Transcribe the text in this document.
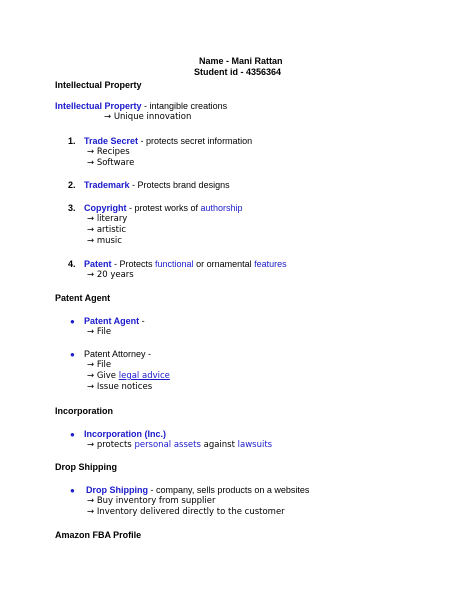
Name - Mani Rattan
Student id - 4356364
Intellectual Property
Intellectual Property - intangible creations
→ Unique innovation
1. Trade Secret - protects secret information
→ Recipes
→ Software
2. Trademark - Protects brand designs
3. Copyright - protest works of authorship
→ literary
→ artistic
→ music
4. Patent - Protects functional or ornamental features
→ 20 years
Patent Agent
● Patent Agent -
→ File
● Patent Attorney -
→ File
→ Give legal advice
→ Issue notices
Incorporation
● Incorporation (Inc.)
→ protects personal assets against lawsuits
Drop Shipping
● Drop Shipping - company, sells products on a websites
→ Buy inventory from supplier
→ Inventory delivered directly to the customer
Amazon FBA Profile
